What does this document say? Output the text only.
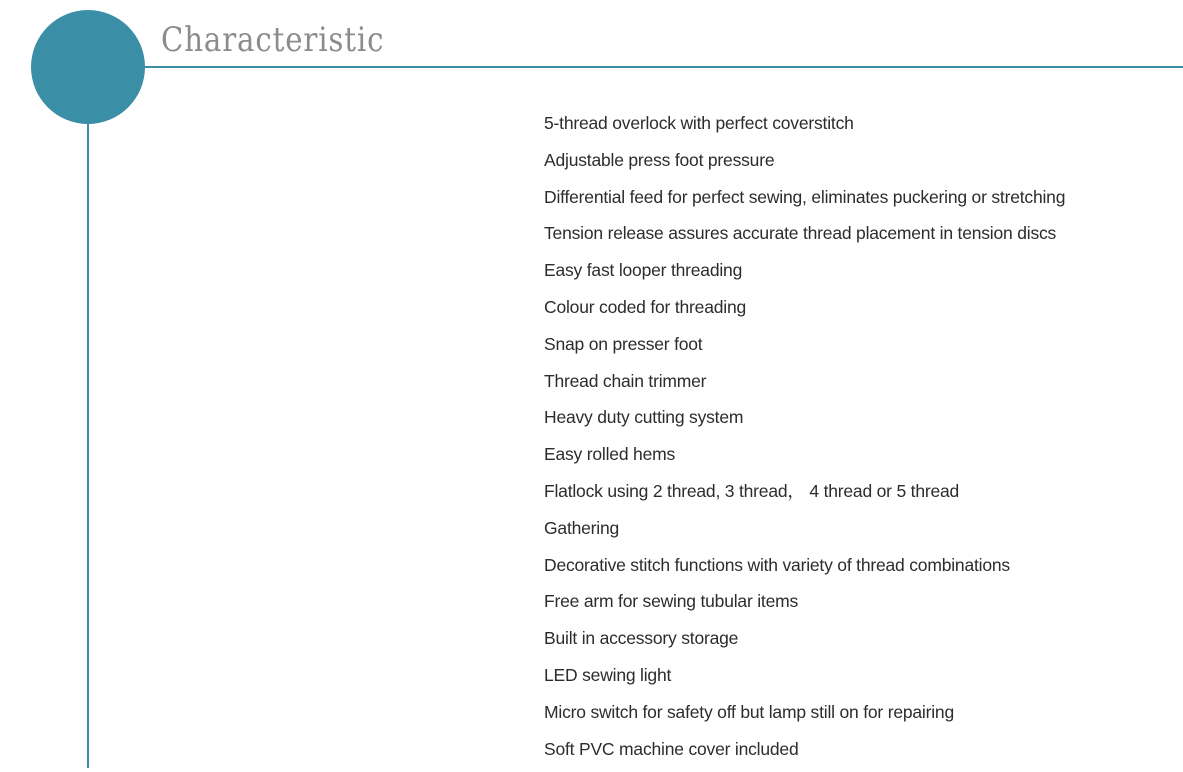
Characteristic
5-thread overlock with perfect coverstitch
Adjustable press foot pressure
Differential feed for perfect sewing, eliminates puckering or stretching
Tension release assures accurate thread placement in tension discs
Easy fast looper threading
Colour coded for threading
Snap on presser foot
Thread chain trimmer
Heavy duty cutting system
Easy rolled hems
Flatlock using 2 thread, 3 thread， 4 thread or 5 thread
Gathering
Decorative stitch functions with variety of thread combinations
Free arm for sewing tubular items
Built in accessory storage
LED sewing light
Micro switch for safety off but lamp still on for repairing
Soft PVC machine cover included
